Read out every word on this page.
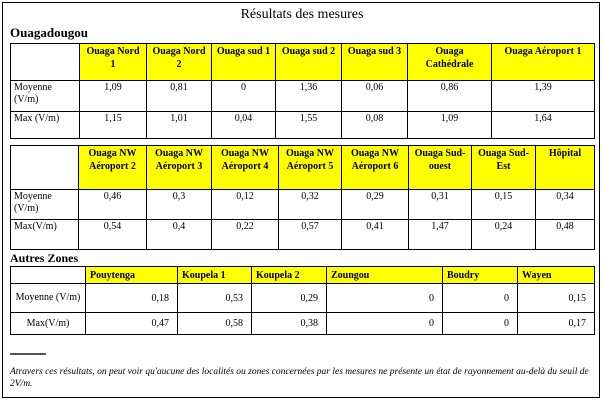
Résultats des mesures
Ouagadougou
	Ouaga Nord 1	Ouaga Nord 2	Ouaga sud 1	Ouaga sud 2	Ouaga sud 3	Ouaga Cathédrale	Ouaga Aéroport 1
Moyenne (V/m)	1,09	0,81	0	1,36	0,06	0,86	1,39
Max (V/m)	1,15	1,01	0,04	1,55	0,08	1,09	1,64
	Ouaga NW Aéroport 2	Ouaga NW Aéroport 3	Ouaga NW Aéroport 4	Ouaga NW Aéroport 5	Ouaga NW Aéroport 6	Ouaga Sud-ouest	Ouaga Sud-Est	Hôpital
Moyenne (V/m)	0,46	0,3	0,12	0,32	0,29	0,31	0,15	0,34
Max(V/m)	0,54	0,4	0,22	0,57	0,41	1,47	0,24	0,48
Autres Zones
	Pouytenga	Koupela 1	Koupela 2	Zoungou	Boudry	Wayen
Moyenne (V/m)	0,18	0,53	0,29	0	0	0,15
Max(V/m)	0,47	0,58	0,38	0	0	0,17
Atravers ces résultats, on peut voir qu'aucune des localités ou zones concernées par les mesures ne présente un état de rayonnement au-delà du seuil de 2V/m.
